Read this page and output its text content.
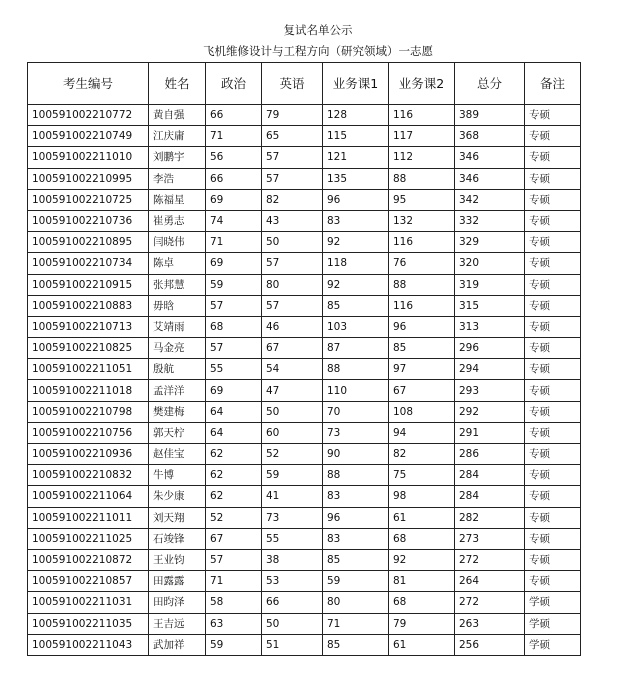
复试名单公示
飞机维修设计与工程方向（研究领域）一志愿
考生编号	姓名	政治	英语	业务课1	业务课2	总分	备注
100591002210772	黄自强	66	79	128	116	389	专硕
100591002210749	江庆庸	71	65	115	117	368	专硕
100591002211010	刘鹏宇	56	57	121	112	346	专硕
100591002210995	李浩	66	57	135	88	346	专硕
100591002210725	陈福星	69	82	96	95	342	专硕
100591002210736	崔勇志	74	43	83	132	332	专硕
100591002210895	闫晓伟	71	50	92	116	329	专硕
100591002210734	陈卓	69	57	118	76	320	专硕
100591002210915	张邦慧	59	80	92	88	319	专硕
100591002210883	毋晗	57	57	85	116	315	专硕
100591002210713	艾靖雨	68	46	103	96	313	专硕
100591002210825	马金亮	57	67	87	85	296	专硕
100591002211051	殷航	55	54	88	97	294	专硕
100591002211018	孟洋洋	69	47	110	67	293	专硕
100591002210798	樊建梅	64	50	70	108	292	专硕
100591002210756	郭天柠	64	60	73	94	291	专硕
100591002210936	赵佳宝	62	52	90	82	286	专硕
100591002210832	牛博	62	59	88	75	284	专硕
100591002211064	朱少康	62	41	83	98	284	专硕
100591002211011	刘天翔	52	73	96	61	282	专硕
100591002211025	石竣锋	67	55	83	68	273	专硕
100591002210872	王业钧	57	38	85	92	272	专硕
100591002210857	田露露	71	53	59	81	264	专硕
100591002211031	田昀泽	58	66	80	68	272	学硕
100591002211035	王吉远	63	50	71	79	263	学硕
100591002211043	武加祥	59	51	85	61	256	学硕
